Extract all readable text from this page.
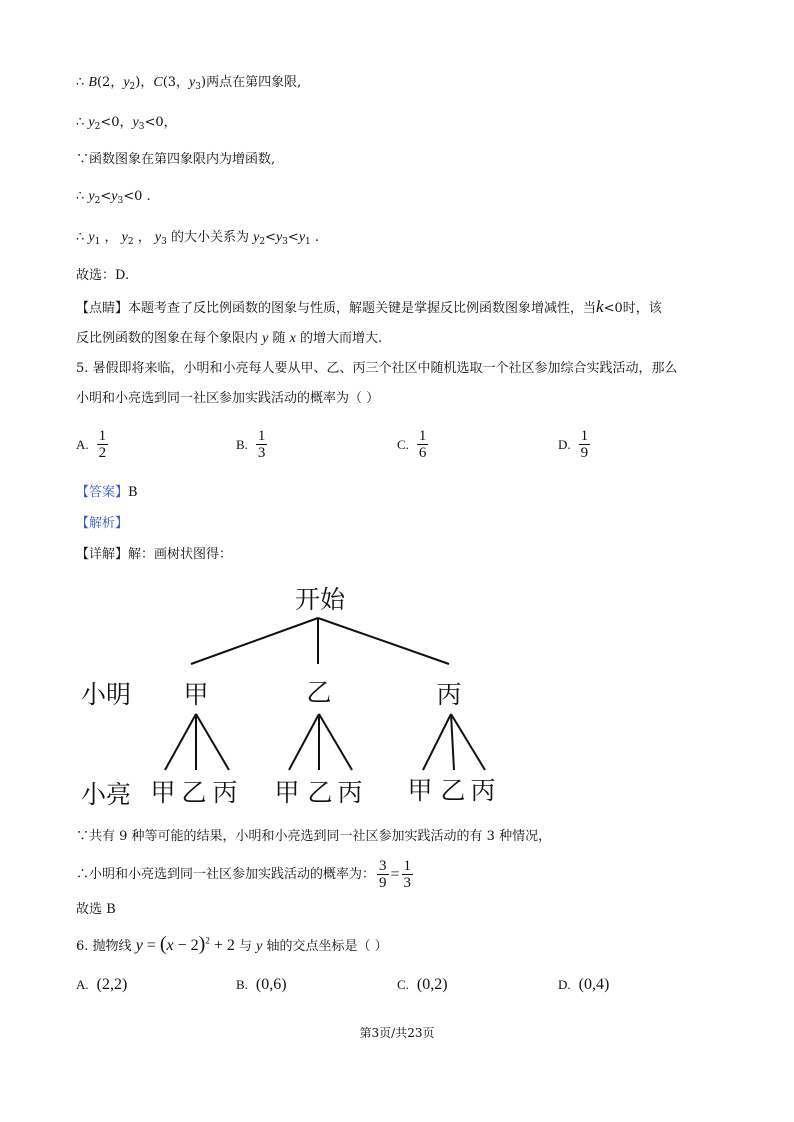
∴ B(2，$y_2$)，C(3，$y_3$)两点在第四象限,
∴ $y_2<0$，$y_3<0$，
∵函数图象在第四象限内为增函数,
∴ $y_2<y_3<0$ .
∴ $y_1$ ， $y_2$ ， $y_3$ 的大小关系为 $y_2<y_3<y_1$ .
故选：D.
【点睛】本题考查了反比例函数的图象与性质，解题关键是掌握反比例函数图象增减性，当k<0时，该
反比例函数的图象在每个象限内 y 随 x 的增大而增大.
5. 暑假即将来临，小明和小亮每人要从甲、乙、丙三个社区中随机选取一个社区参加综合实践活动，那么
小明和小亮选到同一社区参加实践活动的概率为（ ）
A. $\frac{1}{2}$	B. $\frac{1}{3}$	C. $\frac{1}{6}$	D. $\frac{1}{9}$
【答案】B
【解析】
【详解】解：画树状图得：
开始
小明 甲	乙	丙
小亮 甲 乙 丙 甲 乙 丙 甲 乙 丙
∵共有 9 种等可能的结果，小明和小亮选到同一社区参加实践活动的有 3 种情况，
∴小明和小亮选到同一社区参加实践活动的概率为： $\frac{3}{9} = \frac{1}{3}$
故选 B
6. 抛物线 $y = (x - 2)^2 + 2$ 与 y 轴的交点坐标是（ ）
A. (2,2)	B. (0,6)	C. (0,2)	D. (0,4)
第3页/共23页
